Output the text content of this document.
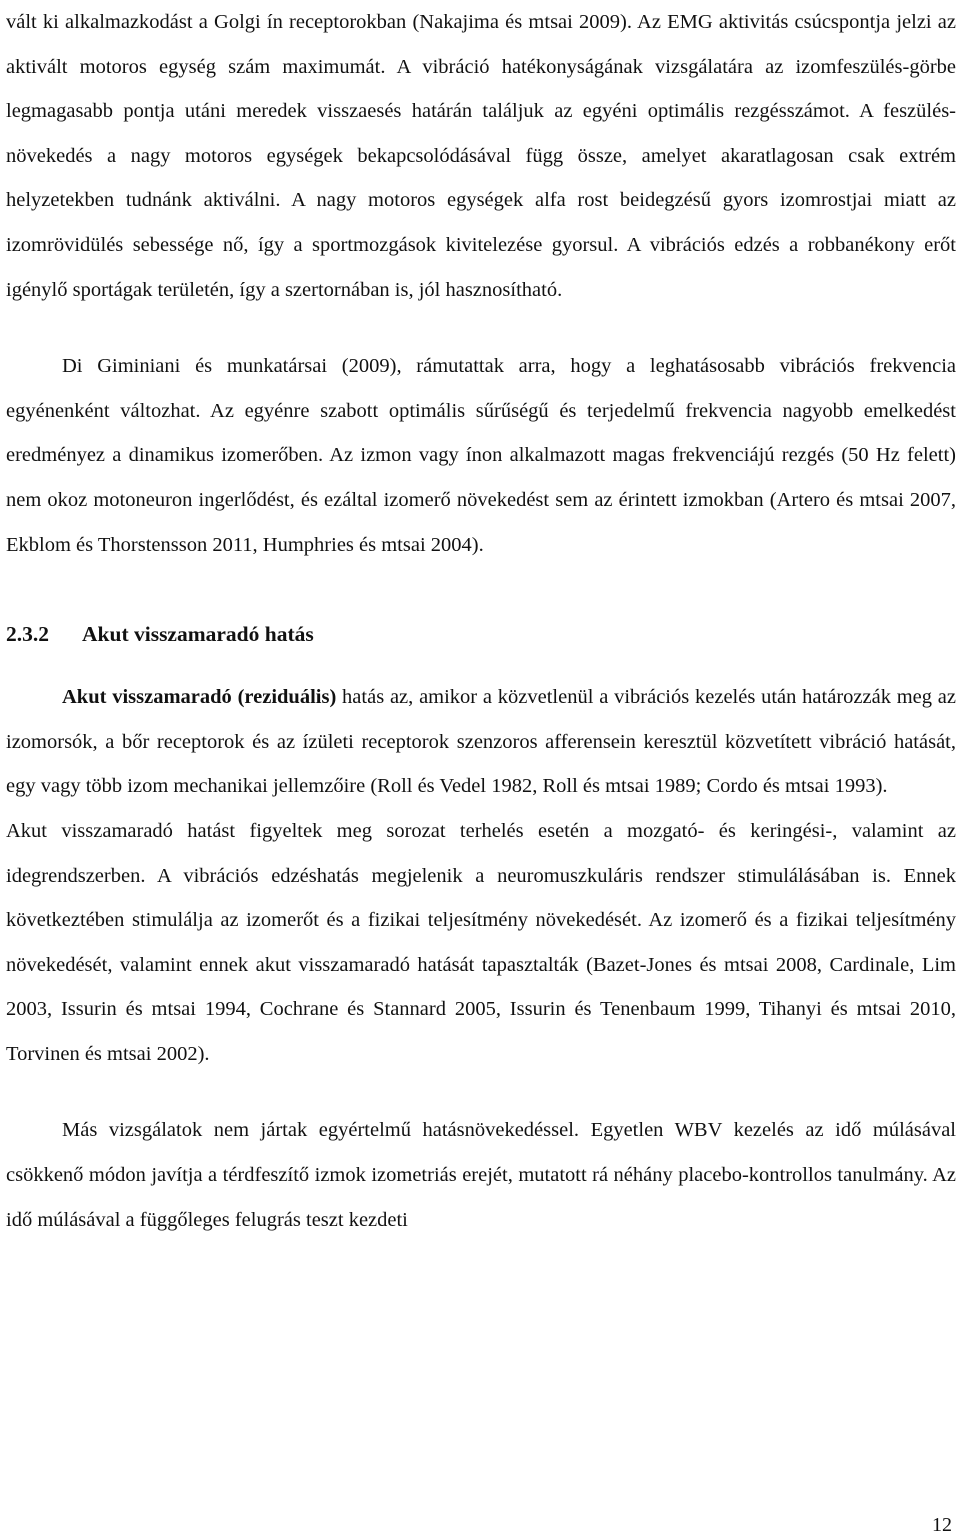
vált ki alkalmazkodást a Golgi ín receptorokban (Nakajima és mtsai 2009). Az EMG aktivitás csúcspontja jelzi az aktivált motoros egység szám maximumát. A vibráció hatékonyságának vizsgálatára az izomfeszülés-görbe legmagasabb pontja utáni meredek visszaesés határán találjuk az egyéni optimális rezgésszámot. A feszülés-növekedés a nagy motoros egységek bekapcsolódásával függ össze, amelyet akaratlagosan csak extrém helyzetekben tudnánk aktiválni. A nagy motoros egységek alfa rost beidegzésű gyors izomrostjai miatt az izomrövidülés sebessége nő, így a sportmozgások kivitelezése gyorsul. A vibrációs edzés a robbanékony erőt igénylő sportágak területén, így a szertornában is, jól hasznosítható.

Di Giminiani és munkatársai (2009), rámutattak arra, hogy a leghatásosabb vibrációs frekvencia egyénenként változhat. Az egyénre szabott optimális sűrűségű és terjedelmű frekvencia nagyobb emelkedést eredményez a dinamikus izomerőben. Az izmon vagy ínon alkalmazott magas frekvenciájú rezgés (50 Hz felett) nem okoz motoneuron ingerlődést, és ezáltal izomerő növekedést sem az érintett izmokban (Artero és mtsai 2007, Ekblom és Thorstensson 2011, Humphries és mtsai 2004).

2.3.2 Akut visszamaradó hatás

Akut visszamaradó (reziduális) hatás az, amikor a közvetlenül a vibrációs kezelés után határozzák meg az izomorsók, a bőr receptorok és az ízületi receptorok szenzoros afferensein keresztül közvetített vibráció hatását, egy vagy több izom mechanikai jellemzőire (Roll és Vedel 1982, Roll és mtsai 1989; Cordo és mtsai 1993).

Akut visszamaradó hatást figyeltek meg sorozat terhelés esetén a mozgató- és keringési-, valamint az idegrendszerben. A vibrációs edzéshatás megjelenik a neuromuszkuláris rendszer stimulálásában is. Ennek következtében stimulálja az izomerőt és a fizikai teljesítmény növekedését. Az izomerő és a fizikai teljesítmény növekedését, valamint ennek akut visszamaradó hatását tapasztalták (Bazet-Jones és mtsai 2008, Cardinale, Lim 2003, Issurin és mtsai 1994, Cochrane és Stannard 2005, Issurin és Tenenbaum 1999, Tihanyi és mtsai 2010, Torvinen és mtsai 2002).

Más vizsgálatok nem jártak egyértelmű hatásnövekedéssel. Egyetlen WBV kezelés az idő múlásával csökkenő módon javítja a térdfeszítő izmok izometriás erejét, mutatott rá néhány placebo-kontrollos tanulmány. Az idő múlásával a függőleges felugrás teszt kezdeti

12
